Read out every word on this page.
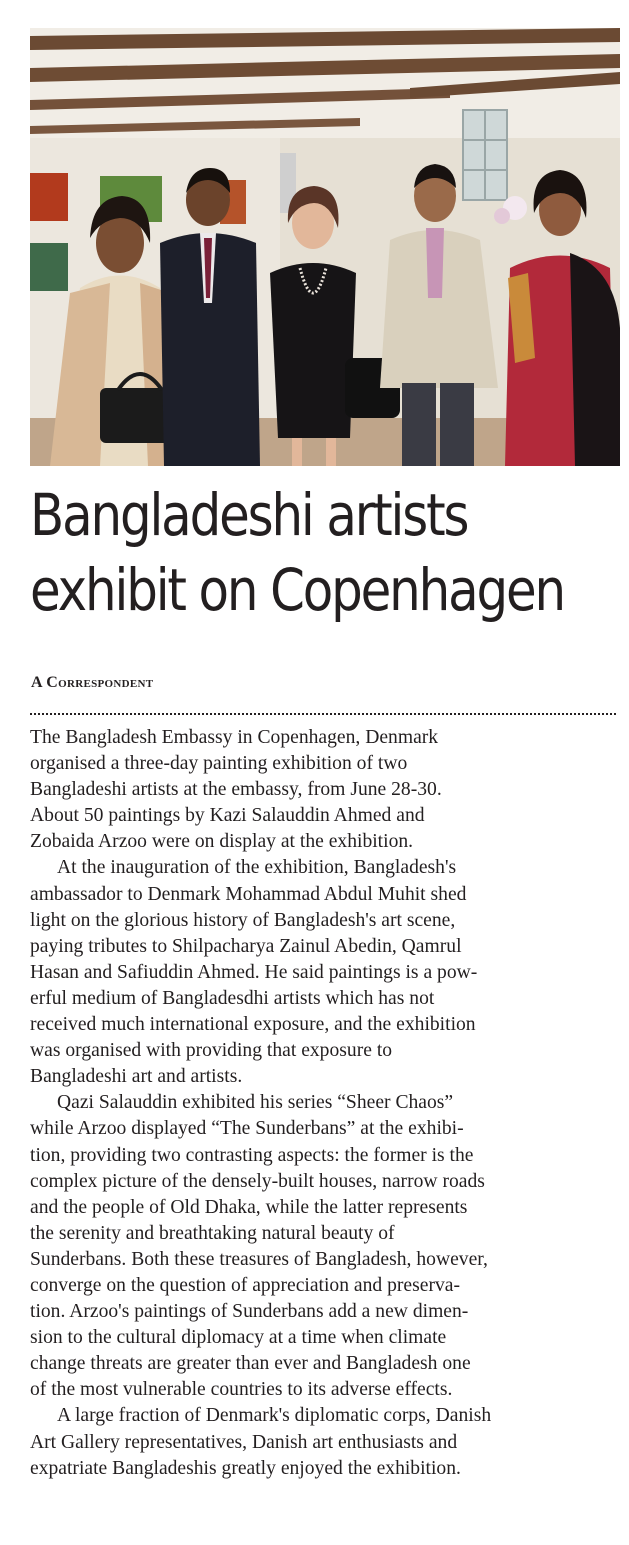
Bangladeshi artists
exhibit on Copenhagen
A Correspondent

The Bangladesh Embassy in Copenhagen, Denmark
organised a three-day painting exhibition of two
Bangladeshi artists at the embassy, from June 28-30.
About 50 paintings by Kazi Salauddin Ahmed and
Zobaida Arzoo were on display at the exhibition.

At the inauguration of the exhibition, Bangladesh's
ambassador to Denmark Mohammad Abdul Muhit shed
light on the glorious history of Bangladesh's art scene,
paying tributes to Shilpacharya Zainul Abedin, Qamrul
Hasan and Safiuddin Ahmed. He said paintings is a pow-
erful medium of Bangladesdhi artists which has not
received much international exposure, and the exhibition
was organised with providing that exposure to
Bangladeshi art and artists.

Qazi Salauddin exhibited his series “Sheer Chaos”
while Arzoo displayed “The Sunderbans” at the exhibi-
tion, providing two contrasting aspects: the former is the
complex picture of the densely-built houses, narrow roads
and the people of Old Dhaka, while the latter represents
the serenity and breathtaking natural beauty of
Sunderbans. Both these treasures of Bangladesh, however,
converge on the question of appreciation and preserva-
tion. Arzoo's paintings of Sunderbans add a new dimen-
sion to the cultural diplomacy at a time when climate
change threats are greater than ever and Bangladesh one
of the most vulnerable countries to its adverse effects.

A large fraction of Denmark's diplomatic corps, Danish
Art Gallery representatives, Danish art enthusiasts and
expatriate Bangladeshis greatly enjoyed the exhibition.
